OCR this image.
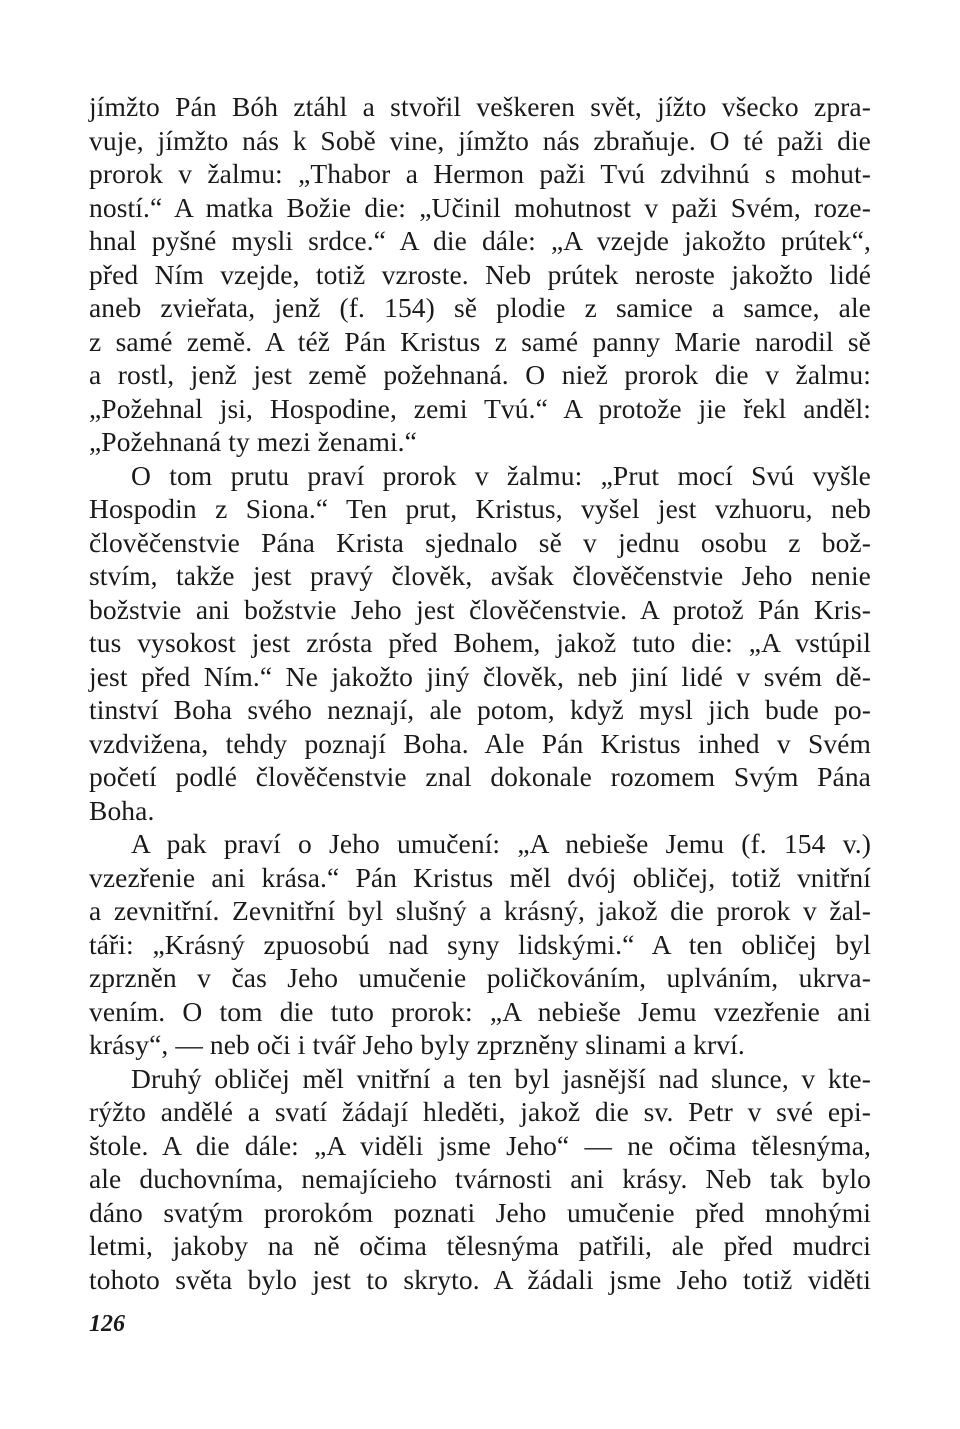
jímžto Pán Bóh ztáhl a stvořil veškeren svět, jížto všecko zpra-
vuje, jímžto nás k Sobě vine, jímžto nás zbraňuje. O té paži die
prorok v žalmu: „Thabor a Hermon paži Tvú zdvihnú s mohut-
ností.“ A matka Božie die: „Učinil mohutnost v paži Svém, roze-
hnal pyšné mysli srdce.“ A die dále: „A vzejde jakožto prútek“,
před Ním vzejde, totiž vzroste. Neb prútek neroste jakožto lidé
aneb zvieřata, jenž (f. 154) sě plodie z samice a samce, ale
z samé země. A též Pán Kristus z samé panny Marie narodil sě
a rostl, jenž jest země požehnaná. O niež prorok die v žalmu:
„Požehnal jsi, Hospodine, zemi Tvú.“ A protože jie řekl anděl:
„Požehnaná ty mezi ženami.“
O tom prutu praví prorok v žalmu: „Prut mocí Svú vyšle
Hospodin z Siona.“ Ten prut, Kristus, vyšel jest vzhuoru, neb
člověčenstvie Pána Krista sjednalo sě v jednu osobu z bož-
stvím, takže jest pravý člověk, avšak člověčenstvie Jeho nenie
božstvie ani božstvie Jeho jest člověčenstvie. A protož Pán Kris-
tus vysokost jest zrósta před Bohem, jakož tuto die: „A vstúpil
jest před Ním.“ Ne jakožto jiný člověk, neb jiní lidé v svém dě-
tinství Boha svého neznají, ale potom, když mysl jich bude po-
vzdvižena, tehdy poznají Boha. Ale Pán Kristus inhed v Svém
početí podlé člověčenstvie znal dokonale rozomem Svým Pána
Boha.
A pak praví o Jeho umučení: „A nebieše Jemu (f. 154 v.)
vzezřenie ani krása.“ Pán Kristus měl dvój obličej, totiž vnitřní
a zevnitřní. Zevnitřní byl slušný a krásný, jakož die prorok v žal-
táři: „Krásný zpuosobú nad syny lidskými.“ A ten obličej byl
zprzněn v čas Jeho umučenie poličkováním, uplváním, ukrva-
vením. O tom die tuto prorok: „A nebieše Jemu vzezřenie ani
krásy“, — neb oči i tvář Jeho byly zprzněny slinami a krví.
Druhý obličej měl vnitřní a ten byl jasnější nad slunce, v kte-
rýžto andělé a svatí žádají hleděti, jakož die sv. Petr v své epi-
štole. A die dále: „A viděli jsme Jeho“ — ne očima tělesnýma,
ale duchovníma, nemajícieho tvárnosti ani krásy. Neb tak bylo
dáno svatým prorokóm poznati Jeho umučenie před mnohými
letmi, jakoby na ně očima tělesnýma patřili, ale před mudrci
tohoto světa bylo jest to skryto. A žádali jsme Jeho totiž viděti
126
